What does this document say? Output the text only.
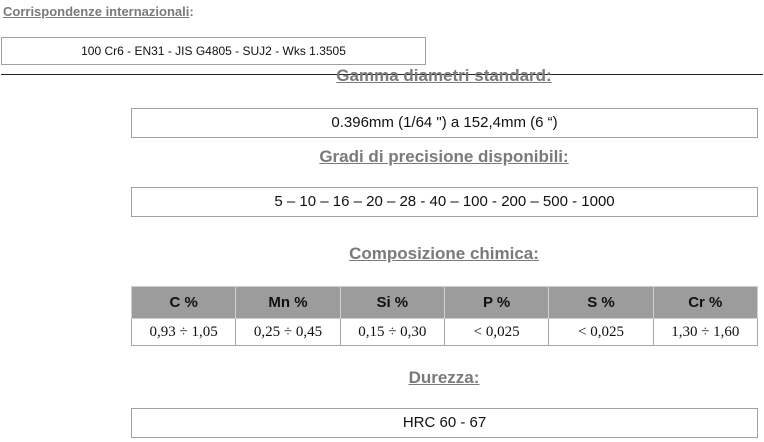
Corrispondenze internazionali:
100 Cr6 - EN31 - JIS G4805 - SUJ2 - Wks 1.3505
Gamma diametri standard:
0.396mm (1/64 ") a 152,4mm (6 “)
Gradi di precisione disponibili:
5 – 10 – 16 – 20 – 28 - 40 – 100 - 200 – 500 - 1000
Composizione chimica:
C %	Mn %	Si %	P %	S %	Cr %
0,93 ÷ 1,05	0,25 ÷ 0,45	0,15 ÷ 0,30	< 0,025	< 0,025	1,30 ÷ 1,60
Durezza:
HRC 60 - 67
